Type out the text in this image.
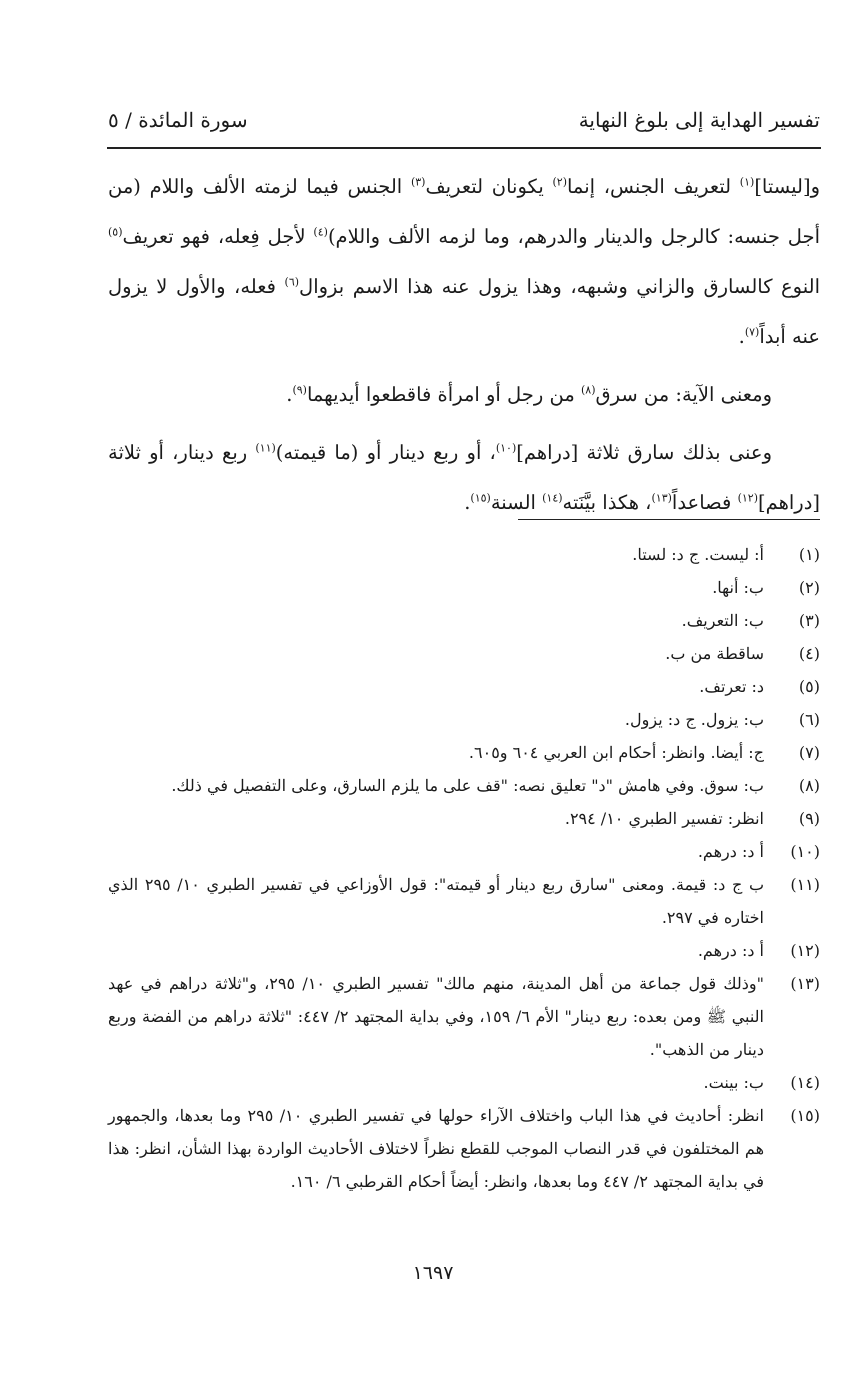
تفسير الهداية إلى بلوغ النهاية
سورة المائدة / ٥

و[ليستا]$^{(١)}$ لتعريف الجنس، إنما$^{(٢)}$ يكونان لتعريف$^{(٣)}$ الجنس فيما لزمته الألف واللام (من أجل جنسه: كالرجل والدينار والدرهم، وما لزمه الألف واللام)$^{(٤)}$ لأجل فِعله، فهو تعريف$^{(٥)}$ النوع كالسارق والزاني وشبهه، وهذا يزول عنه هذا الاسم بزوال$^{(٦)}$ فعله، والأول لا يزول عنه أبداً$^{(٧)}$.

ومعنى الآية: من سرق$^{(٨)}$ من رجل أو امرأة فاقطعوا أيديهما$^{(٩)}$.

وعنى بذلك سارق ثلاثة [دراهم]$^{(١٠)}$، أو ربع دينار أو (ما قيمته)$^{(١١)}$ ربع دينار، أو ثلاثة [دراهم]$^{(١٢)}$ فصاعداً$^{(١٣)}$، هكذا بيَّنَته$^{(١٤)}$ السنة$^{(١٥)}$.

(١)
أ: ليست. ج د: لستا.
(٢)
ب: أنها.
(٣)
ب: التعريف.
(٤)
ساقطة من ب.
(٥)
د: تعرتف.
(٦)
ب: يزول. ج د: يزول.
(٧)
ج: أيضا. وانظر: أحكام ابن العربي ٦٠٤ و٦٠٥.
(٨)
ب: سوق. وفي هامش "د" تعليق نصه: "قف على ما يلزم السارق، وعلى التفصيل في ذلك.
(٩)
انظر: تفسير الطبري ١٠/ ٢٩٤.
(١٠)
أ د: درهم.
(١١)
ب ج د: قيمة. ومعنى "سارق ربع دينار أو قيمته": قول الأوزاعي في تفسير الطبري ١٠/ ٢٩٥ الذي اختاره في ٢٩٧.
(١٢)
أ د: درهم.
(١٣)
"وذلك قول جماعة من أهل المدينة، منهم مالك" تفسير الطبري ١٠/ ٢٩٥، و"ثلاثة دراهم في عهد النبي ﷺ ومن بعده: ربع دينار" الأم ٦/ ١٥٩، وفي بداية المجتهد ٢/ ٤٤٧: "ثلاثة دراهم من الفضة وربع دينار من الذهب".
(١٤)
ب: بينت.
(١٥)
انظر: أحاديث في هذا الباب واختلاف الآراء حولها في تفسير الطبري ١٠/ ٢٩٥ وما بعدها، والجمهور هم المختلفون في قدر النصاب الموجب للقطع نظراً لاختلاف الأحاديث الواردة بهذا الشأن، انظر: هذا في بداية المجتهد ٢/ ٤٤٧ وما بعدها، وانظر: أيضاً أحكام القرطبي ٦/ ١٦٠.
١٦٩٧
